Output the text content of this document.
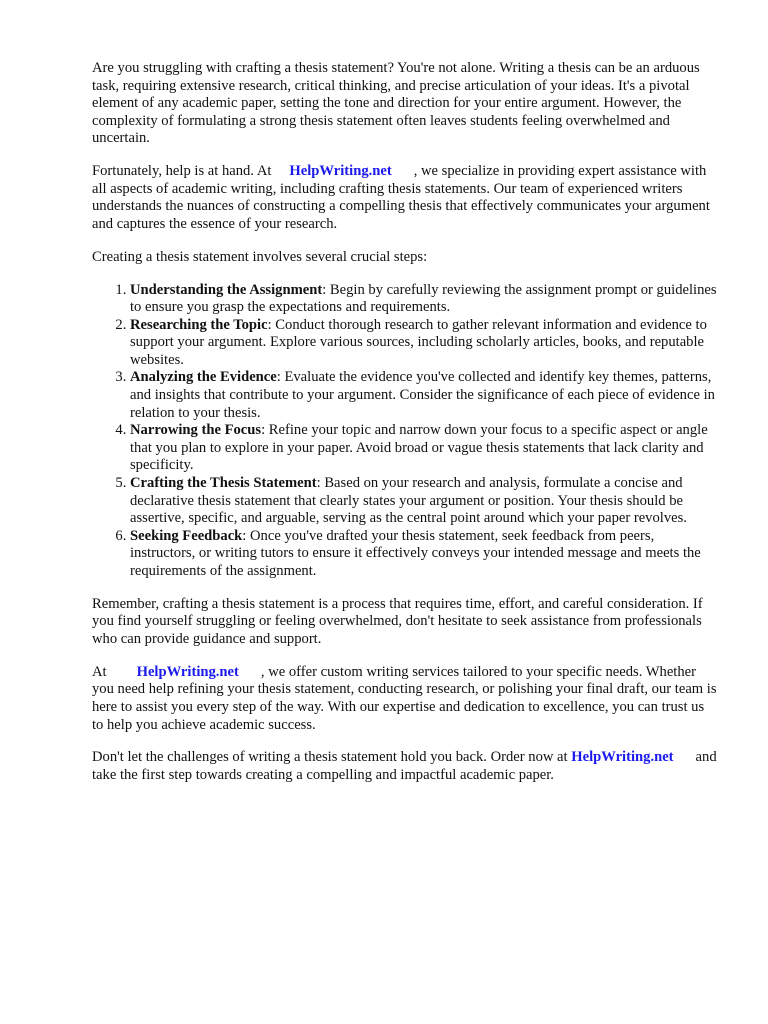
Are you struggling with crafting a thesis statement? You're not alone. Writing a thesis can be an arduous task, requiring extensive research, critical thinking, and precise articulation of your ideas. It's a pivotal element of any academic paper, setting the tone and direction for your entire argument. However, the complexity of formulating a strong thesis statement often leaves students feeling overwhelmed and uncertain.

Fortunately, help is at hand. At HelpWriting.net , we specialize in providing expert assistance with all aspects of academic writing, including crafting thesis statements. Our team of experienced writers understands the nuances of constructing a compelling thesis that effectively communicates your argument and captures the essence of your research.

Creating a thesis statement involves several crucial steps:

1. Understanding the Assignment: Begin by carefully reviewing the assignment prompt or guidelines to ensure you grasp the expectations and requirements.
2. Researching the Topic: Conduct thorough research to gather relevant information and evidence to support your argument. Explore various sources, including scholarly articles, books, and reputable websites.
3. Analyzing the Evidence: Evaluate the evidence you've collected and identify key themes, patterns, and insights that contribute to your argument. Consider the significance of each piece of evidence in relation to your thesis.
4. Narrowing the Focus: Refine your topic and narrow down your focus to a specific aspect or angle that you plan to explore in your paper. Avoid broad or vague thesis statements that lack clarity and specificity.
5. Crafting the Thesis Statement: Based on your research and analysis, formulate a concise and declarative thesis statement that clearly states your argument or position. Your thesis should be assertive, specific, and arguable, serving as the central point around which your paper revolves.
6. Seeking Feedback: Once you've drafted your thesis statement, seek feedback from peers, instructors, or writing tutors to ensure it effectively conveys your intended message and meets the requirements of the assignment.

Remember, crafting a thesis statement is a process that requires time, effort, and careful consideration. If you find yourself struggling or feeling overwhelmed, don't hesitate to seek assistance from professionals who can provide guidance and support.

At HelpWriting.net , we offer custom writing services tailored to your specific needs. Whether you need help refining your thesis statement, conducting research, or polishing your final draft, our team is here to assist you every step of the way. With our expertise and dedication to excellence, you can trust us to help you achieve academic success.

Don't let the challenges of writing a thesis statement hold you back. Order now at HelpWriting.net and take the first step towards creating a compelling and impactful academic paper.
